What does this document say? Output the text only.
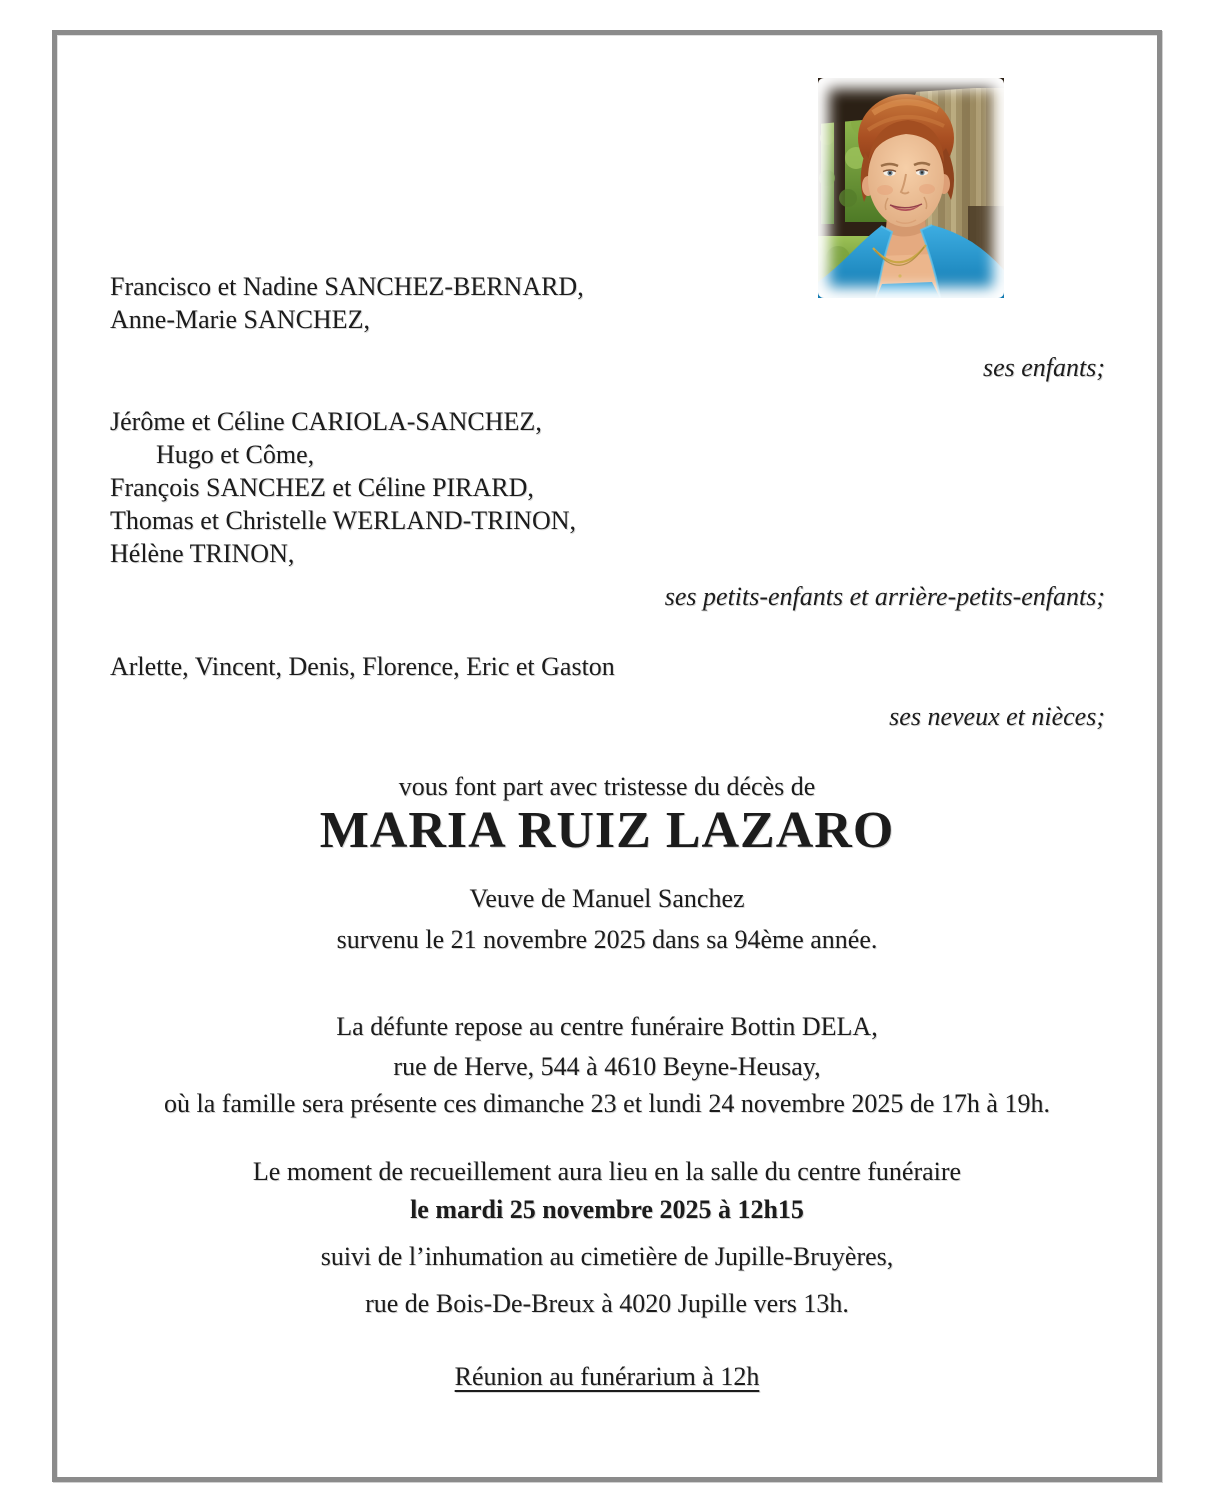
Francisco et Nadine SANCHEZ-BERNARD,
Anne-Marie SANCHEZ,
ses enfants;
Jérôme et Céline CARIOLA-SANCHEZ,
Hugo et Côme,
François SANCHEZ et Céline PIRARD,
Thomas et Christelle WERLAND-TRINON,
Hélène TRINON,
ses petits-enfants et arrière-petits-enfants;
Arlette, Vincent, Denis, Florence, Eric et Gaston
ses neveux et nièces;
vous font part avec tristesse du décès de
MARIA RUIZ LAZARO
Veuve de Manuel Sanchez
survenu le 21 novembre 2025 dans sa 94ème année.
La défunte repose au centre funéraire Bottin DELA,
rue de Herve, 544 à 4610 Beyne-Heusay,
où la famille sera présente ces dimanche 23 et lundi 24 novembre 2025 de 17h à 19h.
Le moment de recueillement aura lieu en la salle du centre funéraire
le mardi 25 novembre 2025 à 12h15
suivi de l’inhumation au cimetière de Jupille-Bruyères,
rue de Bois-De-Breux à 4020 Jupille vers 13h.
Réunion au funérarium à 12h
